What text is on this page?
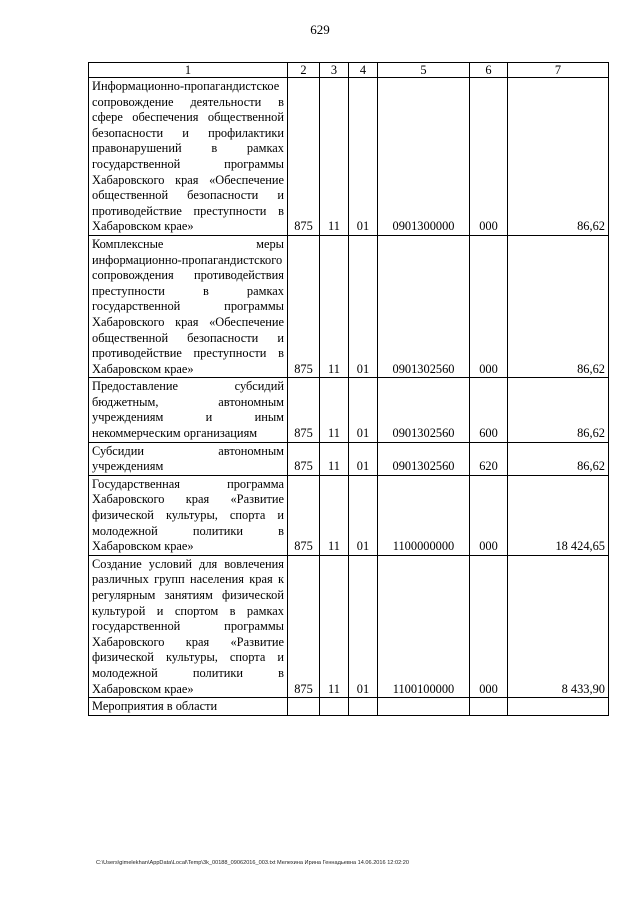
629
1	2	3	4	5	6	7
Информационно-пропагандистское сопровождение деятельности в сфере обеспечения общественной безопасности и профилактики правонарушений в рамках государственной программы Хабаровского края «Обеспечение общественной безопасности и противодействие преступности в Хабаровском крае»	875	11	01	0901300000	000	86,62
Комплексные меры информационно-пропагандистского сопровождения противодействия преступности в рамках государственной программы Хабаровского края «Обеспечение общественной безопасности и противодействие преступности в Хабаровском крае»	875	11	01	0901302560	000	86,62
Предоставление субсидий бюджетным, автономным учреждениям и иным некоммерческим организациям	875	11	01	0901302560	600	86,62
Субсидии автономным учреждениям	875	11	01	0901302560	620	86,62
Государственная программа Хабаровского края «Развитие физической культуры, спорта и молодежной политики в Хабаровском крае»	875	11	01	1100000000	000	18 424,65
Создание условий для вовлечения различных групп населения края к регулярным занятиям физической культурой и спортом в рамках государственной программы Хабаровского края «Развитие физической культуры, спорта и молодежной политики в Хабаровском крае»	875	11	01	1100100000	000	8 433,90
Мероприятия в области						
C:\Users\gimelekhan\AppData\Local\Temp\3k_00188_09062016_003.txt Мелехина Ирина Геннадьевна 14.06.2016 12:02:20
